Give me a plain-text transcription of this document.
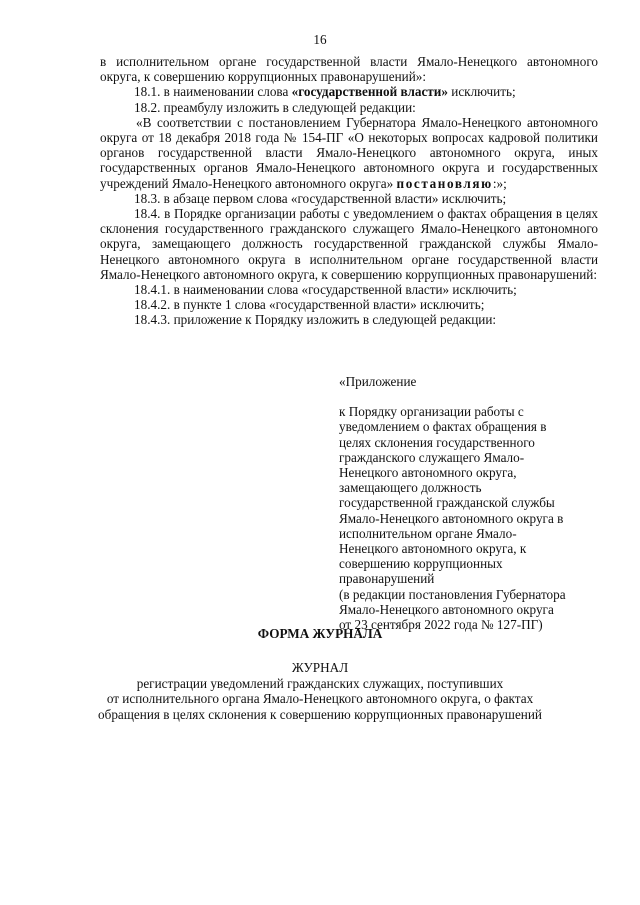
16

в исполнительном органе государственной власти Ямало-Ненецкого автономного округа, к совершению коррупционных правонарушений»:

18.1. в наименовании слова «государственной власти» исключить;

18.2. преамбулу изложить в следующей редакции:

«В соответствии с постановлением Губернатора Ямало-Ненецкого автономного округа от 18 декабря 2018 года № 154-ПГ «О некоторых вопросах кадровой политики органов государственной власти Ямало-Ненецкого автономного округа, иных государственных органов Ямало-Ненецкого автономного округа и государственных учреждений Ямало-Ненецкого автономного округа» постановляю:»;

18.3. в абзаце первом слова «государственной власти» исключить;

18.4. в Порядке организации работы с уведомлением о фактах обращения в целях склонения государственного гражданского служащего Ямало-Ненецкого автономного округа, замещающего должность государственной гражданской службы Ямало-Ненецкого автономного округа в исполнительном органе государственной власти Ямало-Ненецкого автономного округа, к совершению коррупционных правонарушений:

18.4.1. в наименовании слова «государственной власти» исключить;

18.4.2. в пункте 1 слова «государственной власти» исключить;

18.4.3. приложение к Порядку изложить в следующей редакции:

«Приложение

к Порядку организации работы с

уведомлением о фактах обращения в

целях склонения государственного

гражданского служащего Ямало-

Ненецкого автономного округа,

замещающего должность

государственной гражданской службы

Ямало-Ненецкого автономного округа в

исполнительном органе Ямало-

Ненецкого автономного округа, к

совершению коррупционных

правонарушений

(в редакции постановления Губернатора

Ямало-Ненецкого автономного округа

от 23 сентября 2022 года № 127-ПГ)

ФОРМА ЖУРНАЛА

ЖУРНАЛ

регистрации уведомлений гражданских служащих, поступивших

от исполнительного органа Ямало-Ненецкого автономного округа, о фактах

обращения в целях склонения к совершению коррупционных правонарушений
